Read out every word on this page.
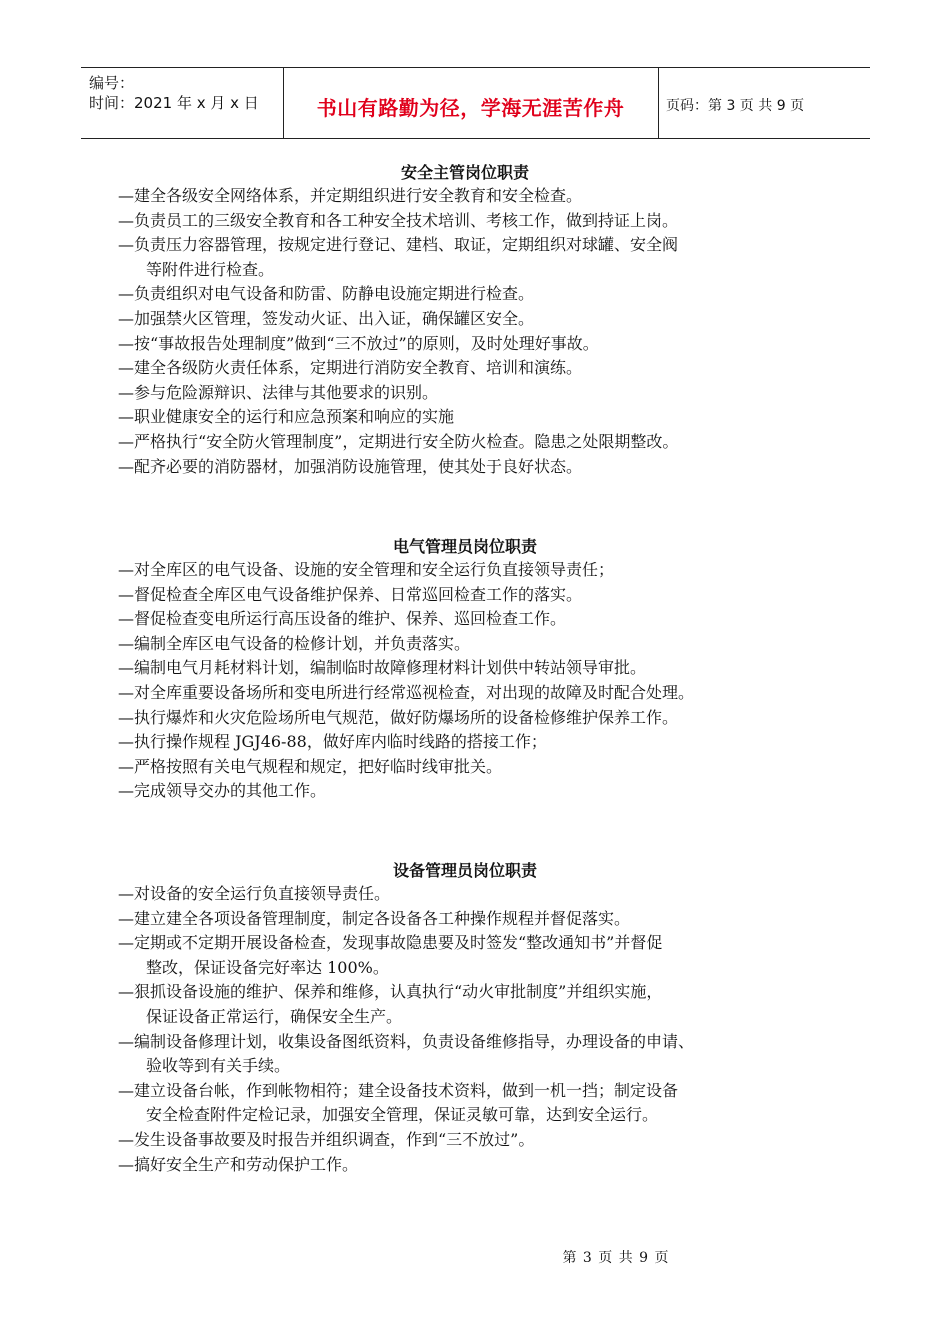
编号：
时间：2021 年 x 月 x 日	书山有路勤为径，学海无涯苦作舟	页码：第 3 页 共 9 页
安全主管岗位职责
—建全各级安全网络体系，并定期组织进行安全教育和安全检查。
—负责员工的三级安全教育和各工种安全技术培训、考核工作，做到持证上岗。
—负责压力容器管理，按规定进行登记、建档、取证，定期组织对球罐、安全阀
等附件进行检查。
—负责组织对电气设备和防雷、防静电设施定期进行检查。
—加强禁火区管理，签发动火证、出入证，确保罐区安全。
—按“事故报告处理制度”做到“三不放过”的原则，及时处理好事故。
—建全各级防火责任体系，定期进行消防安全教育、培训和演练。
—参与危险源辩识、法律与其他要求的识别。
—职业健康安全的运行和应急预案和响应的实施
—严格执行“安全防火管理制度”，定期进行安全防火检查。隐患之处限期整改。
—配齐必要的消防器材，加强消防设施管理，使其处于良好状态。
电气管理员岗位职责
—对全库区的电气设备、设施的安全管理和安全运行负直接领导责任；
—督促检查全库区电气设备维护保养、日常巡回检查工作的落实。
—督促检查变电所运行高压设备的维护、保养、巡回检查工作。
—编制全库区电气设备的检修计划，并负责落实。
—编制电气月耗材料计划，编制临时故障修理材料计划供中转站领导审批。
—对全库重要设备场所和变电所进行经常巡视检查，对出现的故障及时配合处理。
—执行爆炸和火灾危险场所电气规范，做好防爆场所的设备检修维护保养工作。
—执行操作规程 JGJ46-88，做好库内临时线路的搭接工作；
—严格按照有关电气规程和规定，把好临时线审批关。
—完成领导交办的其他工作。
设备管理员岗位职责
—对设备的安全运行负直接领导责任。
—建立建全各项设备管理制度，制定各设备各工种操作规程并督促落实。
—定期或不定期开展设备检查，发现事故隐患要及时签发“整改通知书”并督促
整改，保证设备完好率达 100%。
—狠抓设备设施的维护、保养和维修，认真执行“动火审批制度”并组织实施，
保证设备正常运行，确保安全生产。
—编制设备修理计划，收集设备图纸资料，负责设备维修指导，办理设备的申请、
验收等到有关手续。
—建立设备台帐，作到帐物相符；建全设备技术资料，做到一机一挡；制定设备
安全检查附件定检记录，加强安全管理，保证灵敏可靠，达到安全运行。
—发生设备事故要及时报告并组织调查，作到“三不放过”。
—搞好安全生产和劳动保护工作。
第 3 页 共 9 页
